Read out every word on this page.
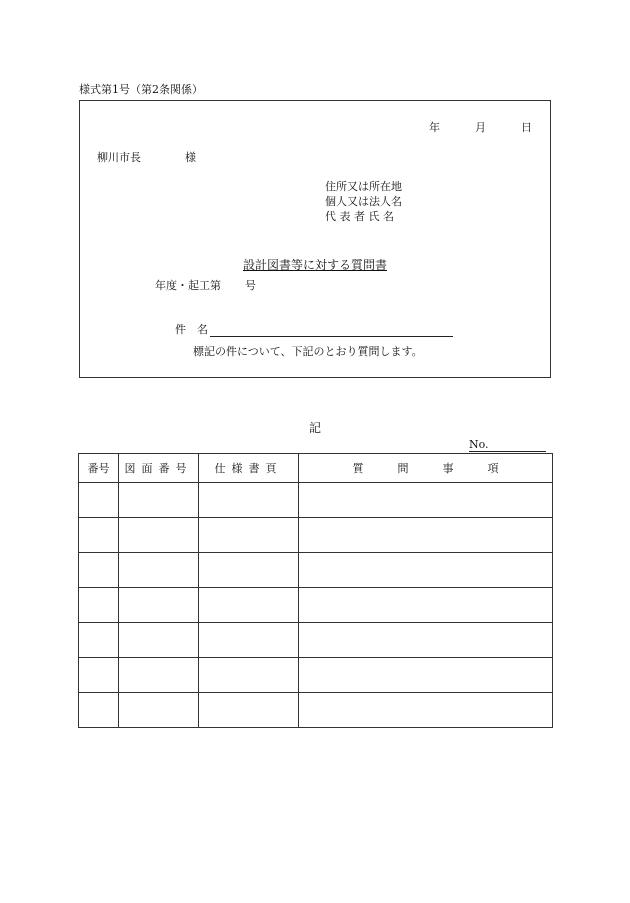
様式第1号（第2条関係）
年	月	日
柳川市長	様
住所又は所在地
個人又は法人名
代 表 者 氏 名
設計図書等に対する質問書
年度・起工第 号
件　名
標記の件について、下記のとおり質問します。
記
No.
番号	図面番号	仕様書頁	質問事項
